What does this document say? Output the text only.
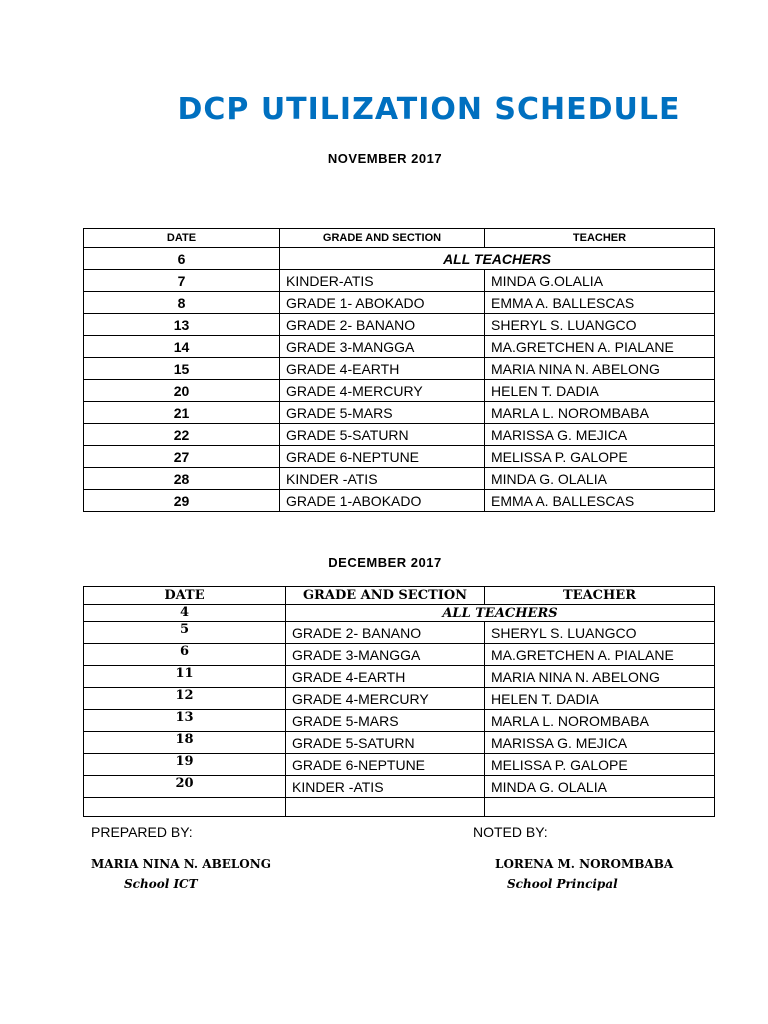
DCP UTILIZATION SCHEDULE
NOVEMBER 2017
DATE	GRADE AND SECTION	TEACHER
6	ALL TEACHERS	
7	KINDER-ATIS	MINDA G.OLALIA
8	GRADE 1- ABOKADO	EMMA A. BALLESCAS
13	GRADE 2- BANANO	SHERYL S. LUANGCO
14	GRADE 3-MANGGA	MA.GRETCHEN A. PIALANE
15	GRADE 4-EARTH	MARIA NINA N. ABELONG
20	GRADE 4-MERCURY	HELEN T. DADIA
21	GRADE 5-MARS	MARLA L. NOROMBABA
22	GRADE 5-SATURN	MARISSA G. MEJICA
27	GRADE 6-NEPTUNE	MELISSA P. GALOPE
28	KINDER -ATIS	MINDA G. OLALIA
29	GRADE 1-ABOKADO	EMMA A. BALLESCAS
DECEMBER 2017
DATE	GRADE AND SECTION	TEACHER
4	ALL TEACHERS	
5	GRADE 2- BANANO	SHERYL S. LUANGCO
6	GRADE 3-MANGGA	MA.GRETCHEN A. PIALANE
11	GRADE 4-EARTH	MARIA NINA N. ABELONG
12	GRADE 4-MERCURY	HELEN T. DADIA
13	GRADE 5-MARS	MARLA L. NOROMBABA
18	GRADE 5-SATURN	MARISSA G. MEJICA
19	GRADE 6-NEPTUNE	MELISSA P. GALOPE
20	KINDER -ATIS	MINDA G. OLALIA

PREPARED BY:
MARIA NINA N. ABELONG
School ICT
NOTED BY:
LORENA M. NOROMBABA
School Principal
